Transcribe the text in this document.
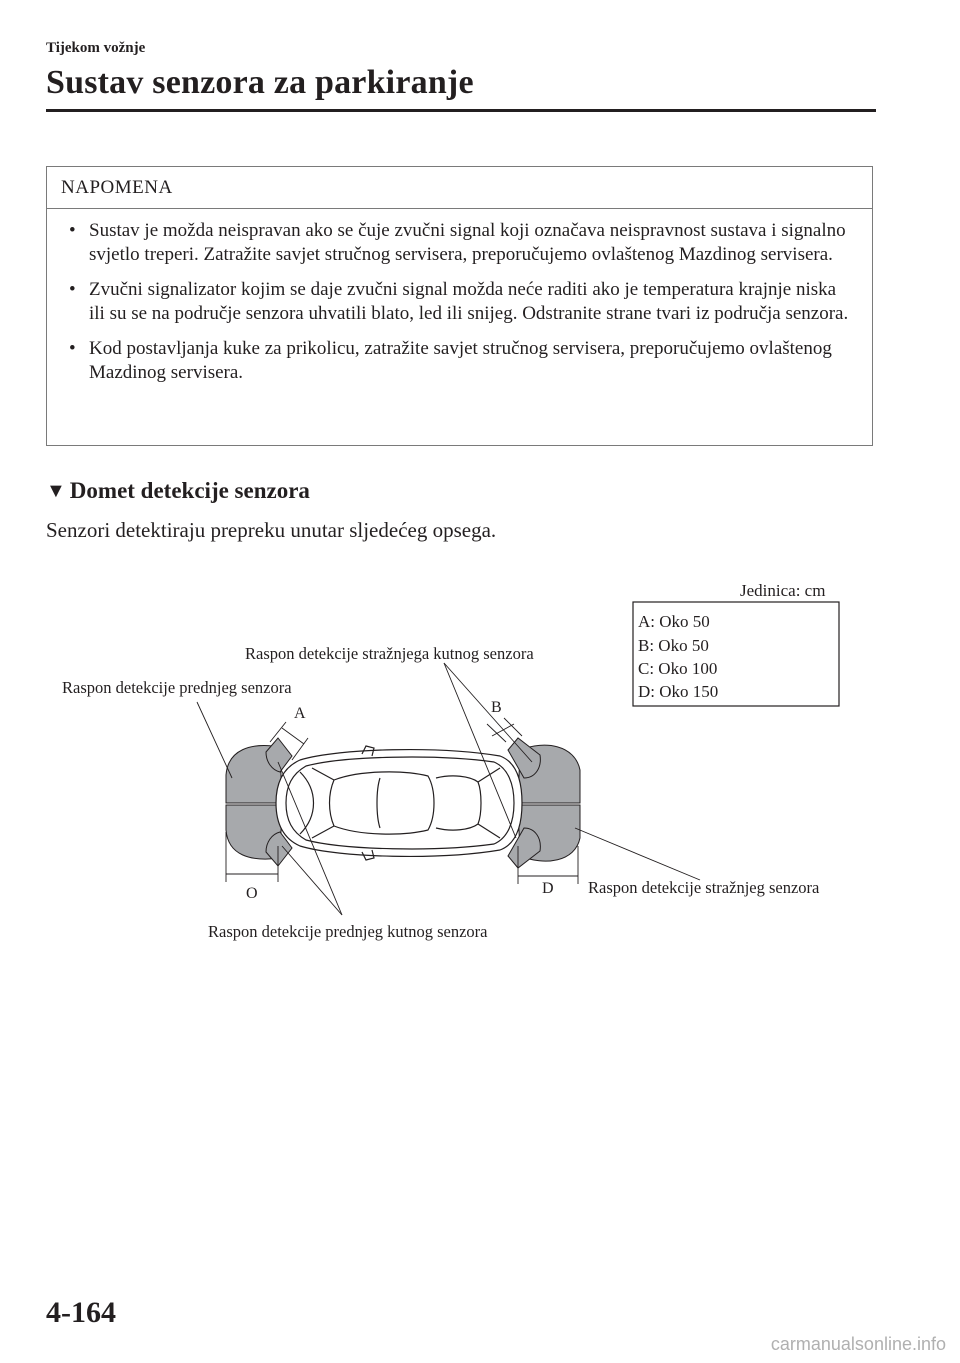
Tijekom vožnje
Sustav senzora za parkiranje
NAPOMENA
• Sustav je možda neispravan ako se čuje zvučni signal koji označava neispravnost sustava i signalno svjetlo treperi. Zatražite savjet stručnog servisera, preporučujemo ovlaštenog Mazdinog servisera.
• Zvučni signalizator kojim se daje zvučni signal možda neće raditi ako je temperatura krajnje niska ili su se na područje senzora uhvatili blato, led ili snijeg. Odstranite strane tvari iz područja senzora.
• Kod postavljanja kuke za prikolicu, zatražite savjet stručnog servisera, preporučujemo ovlaštenog Mazdinog servisera.
▼ Domet detekcije senzora
Senzori detektiraju prepreku unutar sljedećeg opsega.
Jedinica: cm
A: Oko 50
B: Oko 50
C: Oko 100
D: Oko 150
Raspon detekcije stražnjega kutnog senzora
Raspon detekcije prednjeg senzora
Raspon detekcije stražnjeg senzora
Raspon detekcije prednjeg kutnog senzora
A	B
O	D
4-164
carmanualsonline.info
